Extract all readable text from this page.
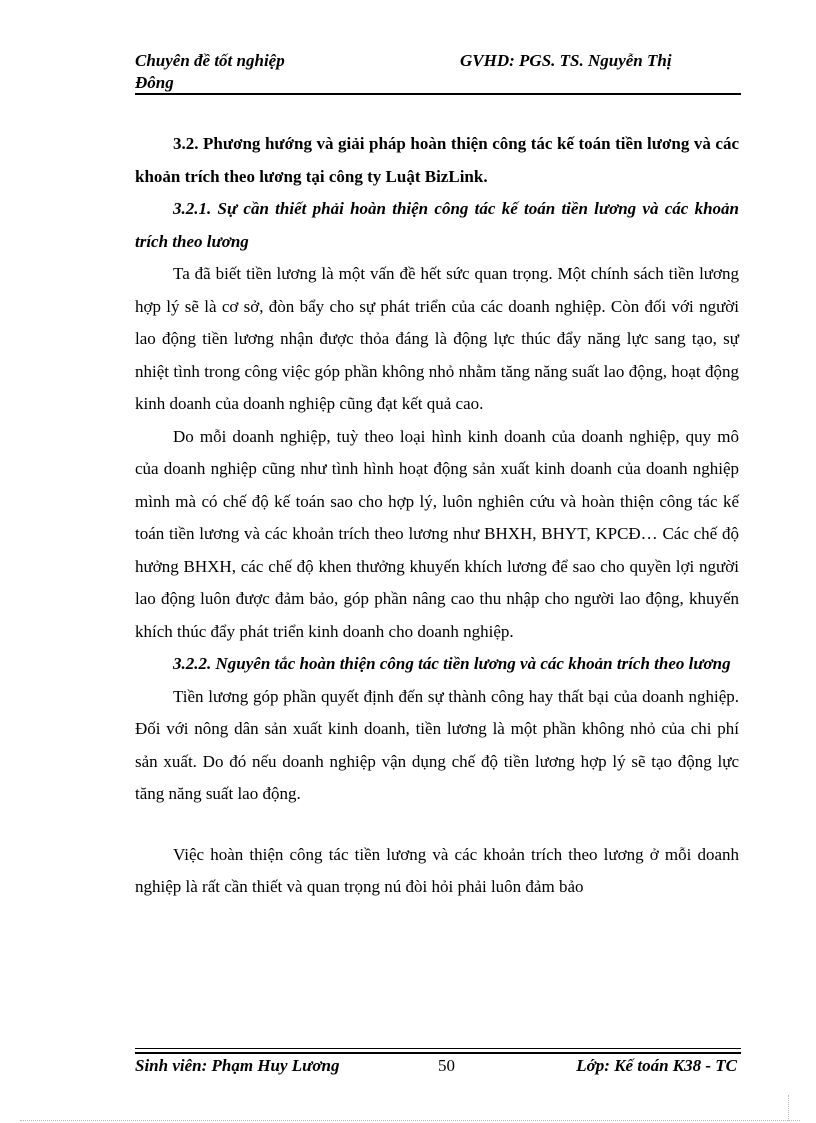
Chuyên đề tốt nghiệp
Đông
GVHD: PGS. TS. Nguyễn Thị

3.2. Phương hướng và giải pháp hoàn thiện công tác kế toán tiền lương và các khoản trích theo lương tại công ty Luật BizLink.

3.2.1. Sự cần thiết phải hoàn thiện công tác kế toán tiền lương và các khoản trích theo lương

Ta đã biết tiền lương là một vấn đề hết sức quan trọng. Một chính sách tiền lương hợp lý sẽ là cơ sở, đòn bẩy cho sự phát triển của các doanh nghiệp. Còn đối với người lao động tiền lương nhận được thỏa đáng là động lực thúc đẩy năng lực sang tạo, sự nhiệt tình trong công việc góp phần không nhỏ nhằm tăng năng suất lao động, hoạt động kinh doanh của doanh nghiệp cũng đạt kết quả cao.

Do mỗi doanh nghiệp, tuỳ theo loại hình kinh doanh của doanh nghiệp, quy mô của doanh nghiệp cũng như tình hình hoạt động sản xuất kinh doanh của doanh nghiệp mình mà có chế độ kế toán sao cho hợp lý, luôn nghiên cứu và hoàn thiện công tác kế toán tiền lương và các khoản trích theo lương như BHXH, BHYT, KPCĐ… Các chế độ hưởng BHXH, các chế độ khen thưởng khuyến khích lương để sao cho quyền lợi người lao động luôn được đảm bảo, góp phần nâng cao thu nhập cho người lao động, khuyến khích thúc đẩy phát triển kinh doanh cho doanh nghiệp.

3.2.2. Nguyên tắc hoàn thiện công tác tiền lương và các khoản trích theo lương

Tiền lương góp phần quyết định đến sự thành công hay thất bại của doanh nghiệp. Đối với nông dân sản xuất kinh doanh, tiền lương là một phần không nhỏ của chi phí sản xuất. Do đó nếu doanh nghiệp vận dụng chế độ tiền lương hợp lý sẽ tạo động lực tăng năng suất lao động.

Việc hoàn thiện công tác tiền lương và các khoản trích theo lương ở mỗi doanh nghiệp là rất cần thiết và quan trọng nú đòi hỏi phải luôn đảm bảo

Sinh viên: Phạm Huy Lương	50	Lớp: Kế toán K38 - TC
